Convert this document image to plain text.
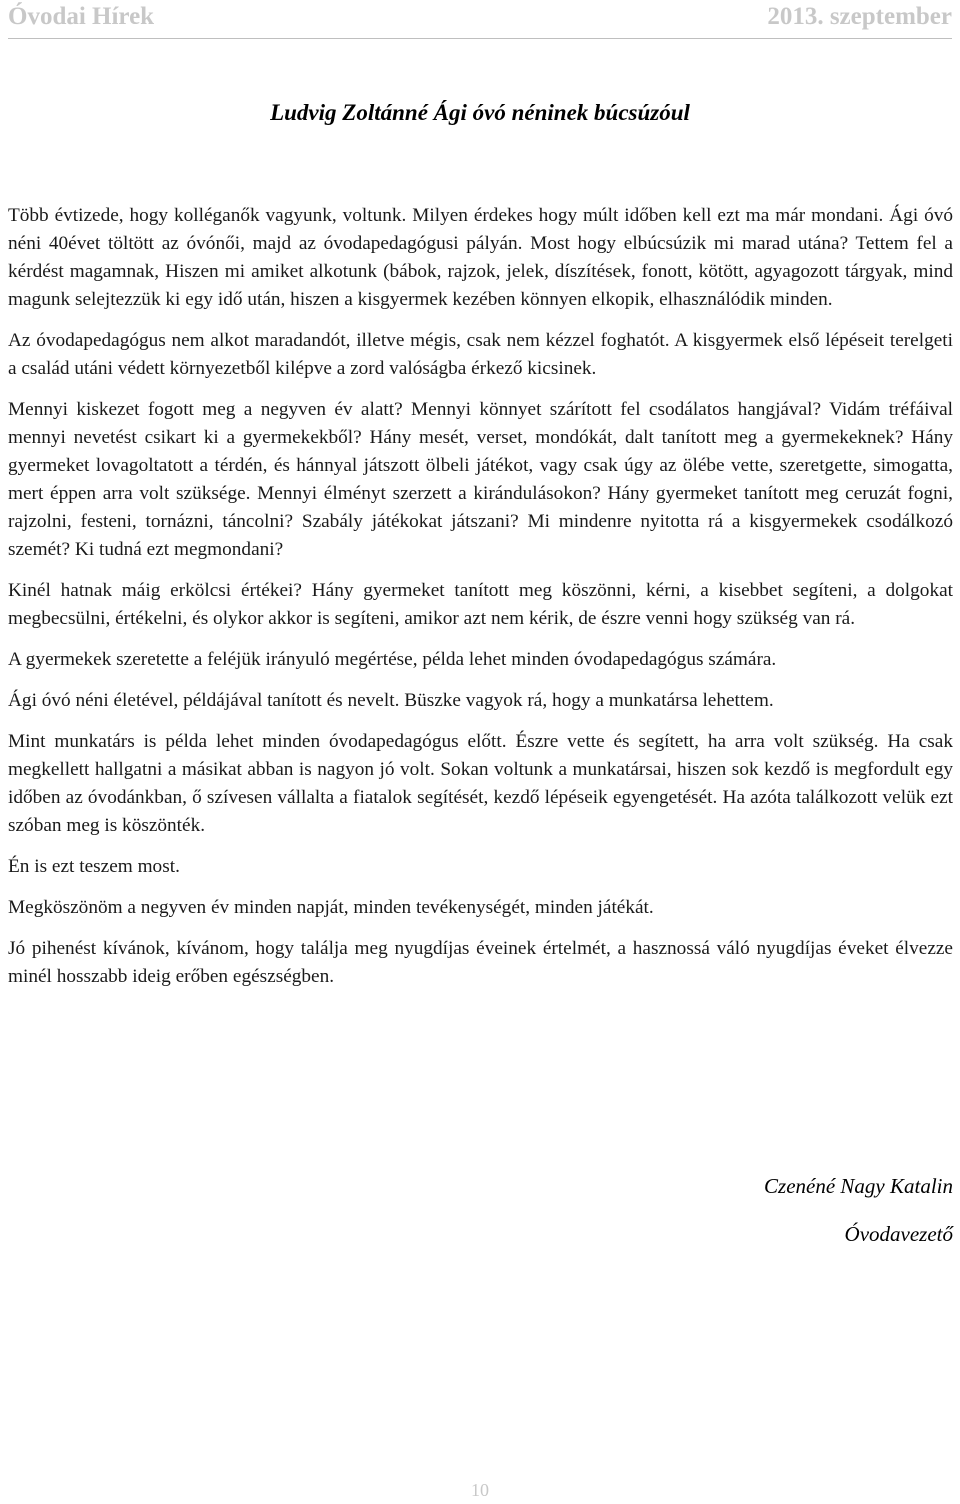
Óvodai Hírek	2013. szeptember
Ludvig Zoltánné Ági óvó néninek búcsúzóul

Több évtizede, hogy kolléganők vagyunk, voltunk. Milyen érdekes hogy múlt időben kell ezt ma már mondani. Ági óvó néni 40évet töltött az óvónői, majd az óvodapedagógusi pályán. Most hogy elbúcsúzik mi marad utána? Tettem fel a kérdést magamnak, Hiszen mi amiket alkotunk (bábok, rajzok, jelek, díszítések, fonott, kötött, agyagozott tárgyak, mind magunk selejtezzük ki egy idő után, hiszen a kisgyermek kezében könnyen elkopik, elhasználódik minden.

Az óvodapedagógus nem alkot maradandót, illetve mégis, csak nem kézzel foghatót. A kisgyermek első lépéseit terelgeti a család utáni védett környezetből kilépve a zord valóságba érkező kicsinek.

Mennyi kiskezet fogott meg a negyven év alatt? Mennyi könnyet szárított fel csodálatos hangjával? Vidám tréfáival mennyi nevetést csikart ki a gyermekekből? Hány mesét, verset, mondókát, dalt tanított meg a gyermekeknek? Hány gyermeket lovagoltatott a térdén, és hánnyal játszott ölbeli játékot, vagy csak úgy az ölébe vette, szeretgette, simogatta, mert éppen arra volt szüksége. Mennyi élményt szerzett a kirándulásokon? Hány gyermeket tanított meg ceruzát fogni, rajzolni, festeni, tornázni, táncolni? Szabály játékokat játszani? Mi mindenre nyitotta rá a kisgyermekek csodálkozó szemét? Ki tudná ezt megmondani?

Kinél hatnak máig erkölcsi értékei? Hány gyermeket tanított meg köszönni, kérni, a kisebbet segíteni, a dolgokat megbecsülni, értékelni, és olykor akkor is segíteni, amikor azt nem kérik, de észre venni hogy szükség van rá.

A gyermekek szeretette a feléjük irányuló megértése, példa lehet minden óvodapedagógus számára.

Ági óvó néni életével, példájával tanított és nevelt. Büszke vagyok rá, hogy a munkatársa lehettem.

Mint munkatárs is példa lehet minden óvodapedagógus előtt. Észre vette és segített, ha arra volt szükség. Ha csak megkellett hallgatni a másikat abban is nagyon jó volt. Sokan voltunk a munkatársai, hiszen sok kezdő is megfordult egy időben az óvodánkban, ő szívesen vállalta a fiatalok segítését, kezdő lépéseik egyengetését. Ha azóta találkozott velük ezt szóban meg is köszönték.

Én is ezt teszem most.

Megköszönöm a negyven év minden napját, minden tevékenységét, minden játékát.

Jó pihenést kívánok, kívánom, hogy találja meg nyugdíjas éveinek értelmét, a hasznossá váló nyugdíjas éveket élvezze minél hosszabb ideig erőben egészségben.

Czenéné Nagy Katalin
Óvodavezető
10
